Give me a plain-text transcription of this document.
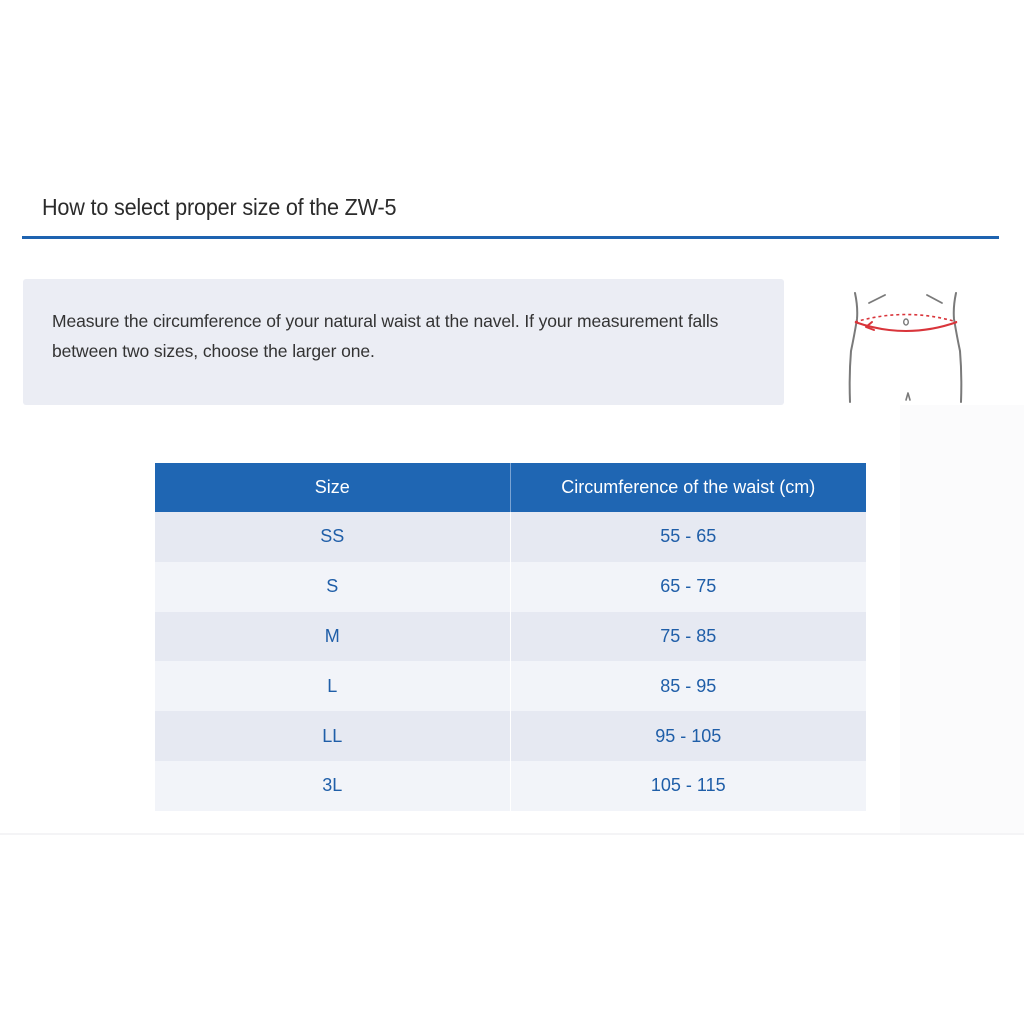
How to select proper size of the ZW-5
Measure the circumference of your natural waist at the navel. If your measurement falls between two sizes, choose the larger one.
Size	Circumference of the waist (cm)
SS	55 - 65
S	65 - 75
M	75 - 85
L	85 - 95
LL	95 - 105
3L	105 - 115
